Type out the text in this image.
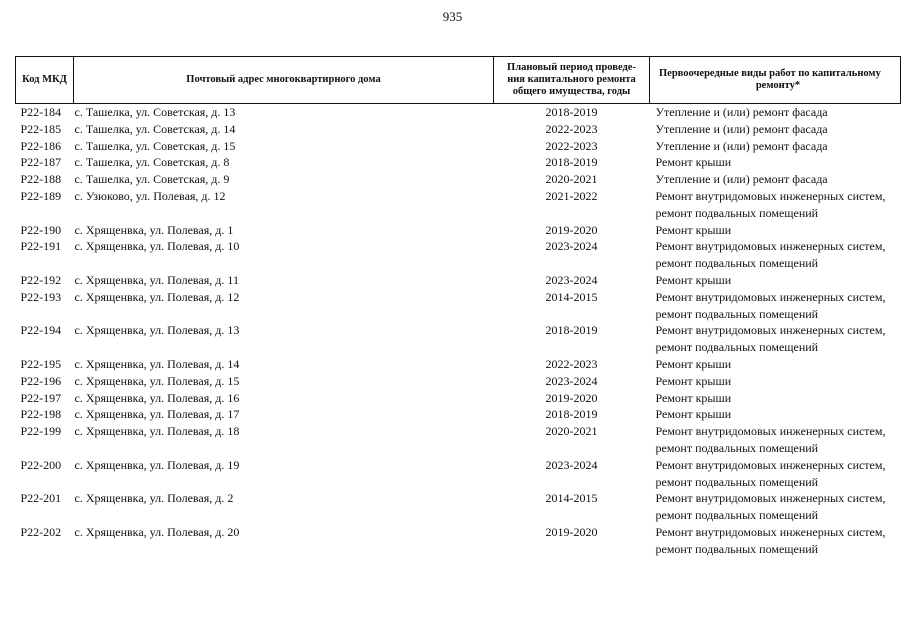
935
Код МКД	Почтовый адрес многоквартирного дома	Плановый период проведе-
ния капитального ремонта
общего имущества, годы	Первоочередные виды работ по капитальному
ремонту*

Р22-184	с. Ташелка, ул. Советская, д. 13	2018-2019	Утепление и (или) ремонт фасада

Р22-185	с. Ташелка, ул. Советская, д. 14	2022-2023	Утепление и (или) ремонт фасада

Р22-186	с. Ташелка, ул. Советская, д. 15	2022-2023	Утепление и (или) ремонт фасада

Р22-187	с. Ташелка, ул. Советская, д. 8	2018-2019	Ремонт крыши

Р22-188	с. Ташелка, ул. Советская, д. 9	2020-2021	Утепление и (или) ремонт фасада

Р22-189	с. Узюково, ул. Полевая, д. 12	2021-2022	Ремонт внутридомовых инженерных систем,
ремонт подвальных помещений

Р22-190	с. Хрященвка, ул. Полевая, д. 1	2019-2020	Ремонт крыши

Р22-191	с. Хрященвка, ул. Полевая, д. 10	2023-2024	Ремонт внутридомовых инженерных систем,
ремонт подвальных помещений

Р22-192	с. Хрященвка, ул. Полевая, д. 11	2023-2024	Ремонт крыши

Р22-193	с. Хрященвка, ул. Полевая, д. 12	2014-2015	Ремонт внутридомовых инженерных систем,
ремонт подвальных помещений

Р22-194	с. Хрященвка, ул. Полевая, д. 13	2018-2019	Ремонт внутридомовых инженерных систем,
ремонт подвальных помещений

Р22-195	с. Хрященвка, ул. Полевая, д. 14	2022-2023	Ремонт крыши

Р22-196	с. Хрященвка, ул. Полевая, д. 15	2023-2024	Ремонт крыши

Р22-197	с. Хрященвка, ул. Полевая, д. 16	2019-2020	Ремонт крыши

Р22-198	с. Хрященвка, ул. Полевая, д. 17	2018-2019	Ремонт крыши

Р22-199	с. Хрященвка, ул. Полевая, д. 18	2020-2021	Ремонт внутридомовых инженерных систем,
ремонт подвальных помещений

Р22-200	с. Хрященвка, ул. Полевая, д. 19	2023-2024	Ремонт внутридомовых инженерных систем,
ремонт подвальных помещений

Р22-201	с. Хрященвка, ул. Полевая, д. 2	2014-2015	Ремонт внутридомовых инженерных систем,
ремонт подвальных помещений

Р22-202	с. Хрященвка, ул. Полевая, д. 20	2019-2020	Ремонт внутридомовых инженерных систем,
ремонт подвальных помещений
